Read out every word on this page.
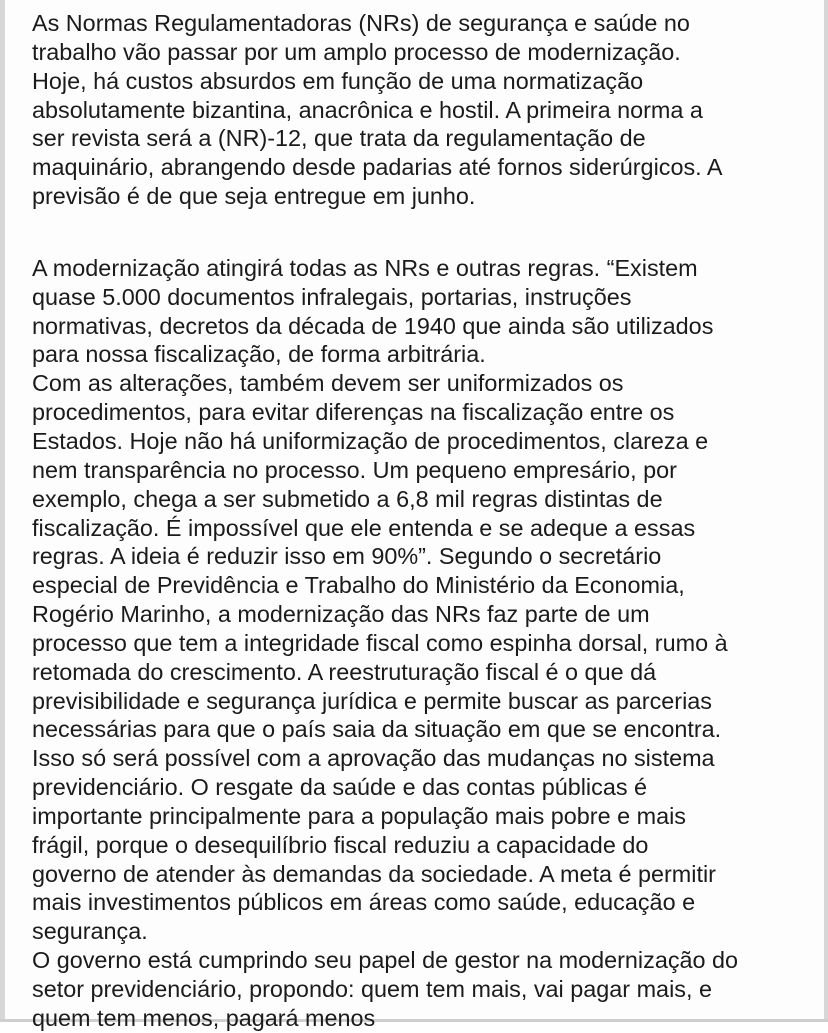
As Normas Regulamentadoras (NRs) de segurança e saúde no
trabalho vão passar por um amplo processo de modernização.
Hoje, há custos absurdos em função de uma normatização
absolutamente bizantina, anacrônica e hostil. A primeira norma a
ser revista será a (NR)-12, que trata da regulamentação de
maquinário, abrangendo desde padarias até fornos siderúrgicos. A
previsão é de que seja entregue em junho.
A modernização atingirá todas as NRs e outras regras. “Existem
quase 5.000 documentos infralegais, portarias, instruções
normativas, decretos da década de 1940 que ainda são utilizados
para nossa fiscalização, de forma arbitrária.
Com as alterações, também devem ser uniformizados os
procedimentos, para evitar diferenças na fiscalização entre os
Estados. Hoje não há uniformização de procedimentos, clareza e
nem transparência no processo. Um pequeno empresário, por
exemplo, chega a ser submetido a 6,8 mil regras distintas de
fiscalização. É impossível que ele entenda e se adeque a essas
regras. A ideia é reduzir isso em 90%”. Segundo o secretário
especial de Previdência e Trabalho do Ministério da Economia,
Rogério Marinho, a modernização das NRs faz parte de um
processo que tem a integridade fiscal como espinha dorsal, rumo à
retomada do crescimento. A reestruturação fiscal é o que dá
previsibilidade e segurança jurídica e permite buscar as parcerias
necessárias para que o país saia da situação em que se encontra.
Isso só será possível com a aprovação das mudanças no sistema
previdenciário. O resgate da saúde e das contas públicas é
importante principalmente para a população mais pobre e mais
frágil, porque o desequilíbrio fiscal reduziu a capacidade do
governo de atender às demandas da sociedade. A meta é permitir
mais investimentos públicos em áreas como saúde, educação e
segurança.
O governo está cumprindo seu papel de gestor na modernização do
setor previdenciário, propondo: quem tem mais, vai pagar mais, e
quem tem menos, pagará menos
